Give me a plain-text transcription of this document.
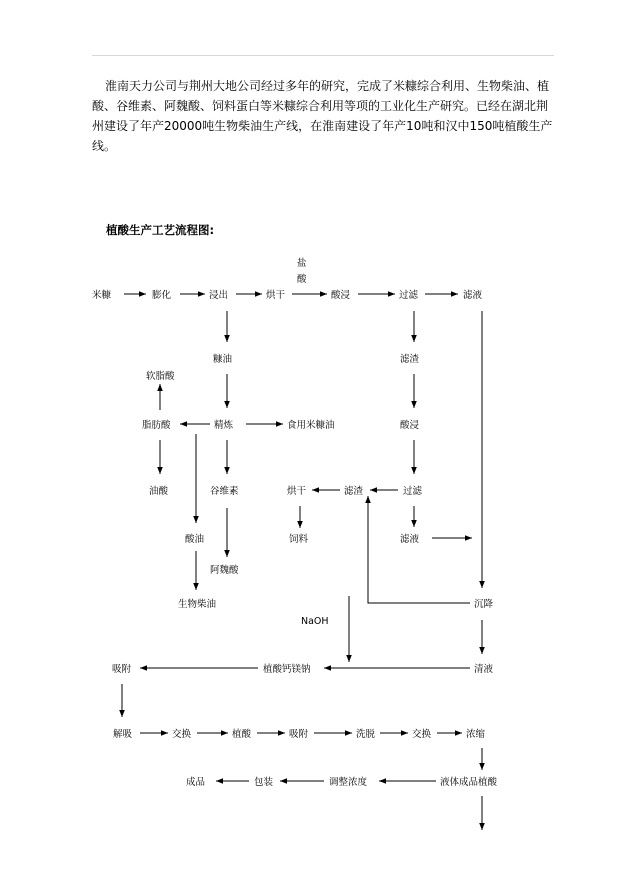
淮南天力公司与荆州大地公司经过多年的研究，完成了米糠综合利用、生物柴油、植酸、谷维素、阿魏酸、饲料蛋白等米糠综合利用等项的工业化生产研究。已经在湖北荆州建设了年产20000吨生物柴油生产线，在淮南建设了年产10吨和汉中150吨植酸生产线。

植酸生产工艺流程图:
盐
酸
米糠	膨化	浸出	烘干	酸浸	过滤	滤液
糠油	滤渣
软脂酸
脂肪酸	精炼	食用米糠油	酸浸
油酸	谷维素	烘干	滤渣	过滤
酸油	饲料	滤液
阿魏酸
生物柴油	沉降
NaOH
吸附	植酸钙镁钠	清液
解吸	交换	植酸	吸附	洗脱	交换	浓缩
成品	包装	调整浓度	液体成品植酸
